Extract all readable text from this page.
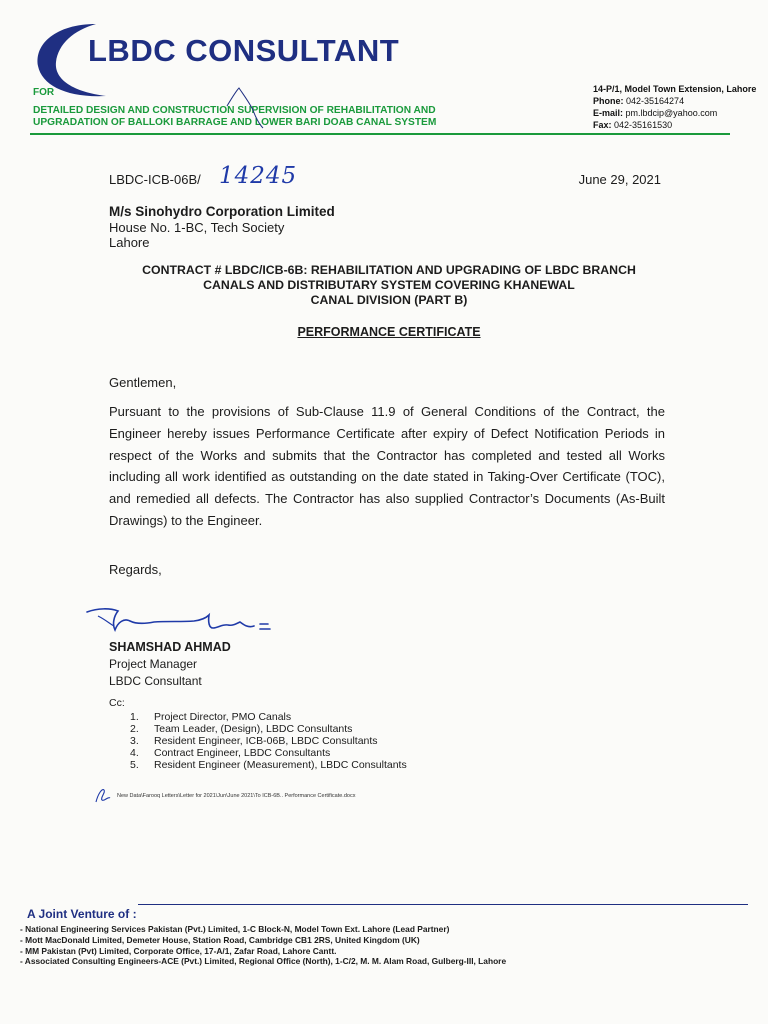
LBDC CONSULTANT
FOR
DETAILED DESIGN AND CONSTRUCTION SUPERVISION OF REHABILITATION AND
UPGRADATION OF BALLOKI BARRAGE AND LOWER BARI DOAB CANAL SYSTEM
14-P/1, Model Town Extension, Lahore
Phone: 042-35164274
E-mail: pm.lbdcip@yahoo.com
Fax: 042-35161530
LBDC-ICB-06B/ 14245	June 29, 2021
M/s Sinohydro Corporation Limited
House No. 1-BC, Tech Society
Lahore
CONTRACT # LBDC/ICB-6B: REHABILITATION AND UPGRADING OF LBDC BRANCH
CANALS AND DISTRIBUTARY SYSTEM COVERING KHANEWAL
CANAL DIVISION (PART B)
PERFORMANCE CERTIFICATE
Gentlemen,
Pursuant to the provisions of Sub-Clause 11.9 of General Conditions of the Contract, the Engineer hereby issues Performance Certificate after expiry of Defect Notification Periods in respect of the Works and submits that the Contractor has completed and tested all Works including all work identified as outstanding on the date stated in Taking-Over Certificate (TOC), and remedied all defects. The Contractor has also supplied Contractor’s Documents (As-Built Drawings) to the Engineer.
Regards,
SHAMSHAD AHMAD
Project Manager
LBDC Consultant
Cc:
1. Project Director, PMO Canals
2. Team Leader, (Design), LBDC Consultants
3. Resident Engineer, ICB-06B, LBDC Consultants
4. Contract Engineer, LBDC Consultants
5. Resident Engineer (Measurement), LBDC Consultants
New Data\Farooq Letters\Letter for 2021\Jun\June 2021\To ICB-6B.. Performance Certificate.docx
A Joint Venture of :
- National Engineering Services Pakistan (Pvt.) Limited, 1-C Block-N, Model Town Ext. Lahore (Lead Partner)
- Mott MacDonald Limited, Demeter House, Station Road, Cambridge CB1 2RS, United Kingdom (UK)
- MM Pakistan (Pvt) Limited, Corporate Office, 17-A/1, Zafar Road, Lahore Cantt.
- Associated Consulting Engineers-ACE (Pvt.) Limited, Regional Office (North), 1-C/2, M. M. Alam Road, Gulberg-III, Lahore
